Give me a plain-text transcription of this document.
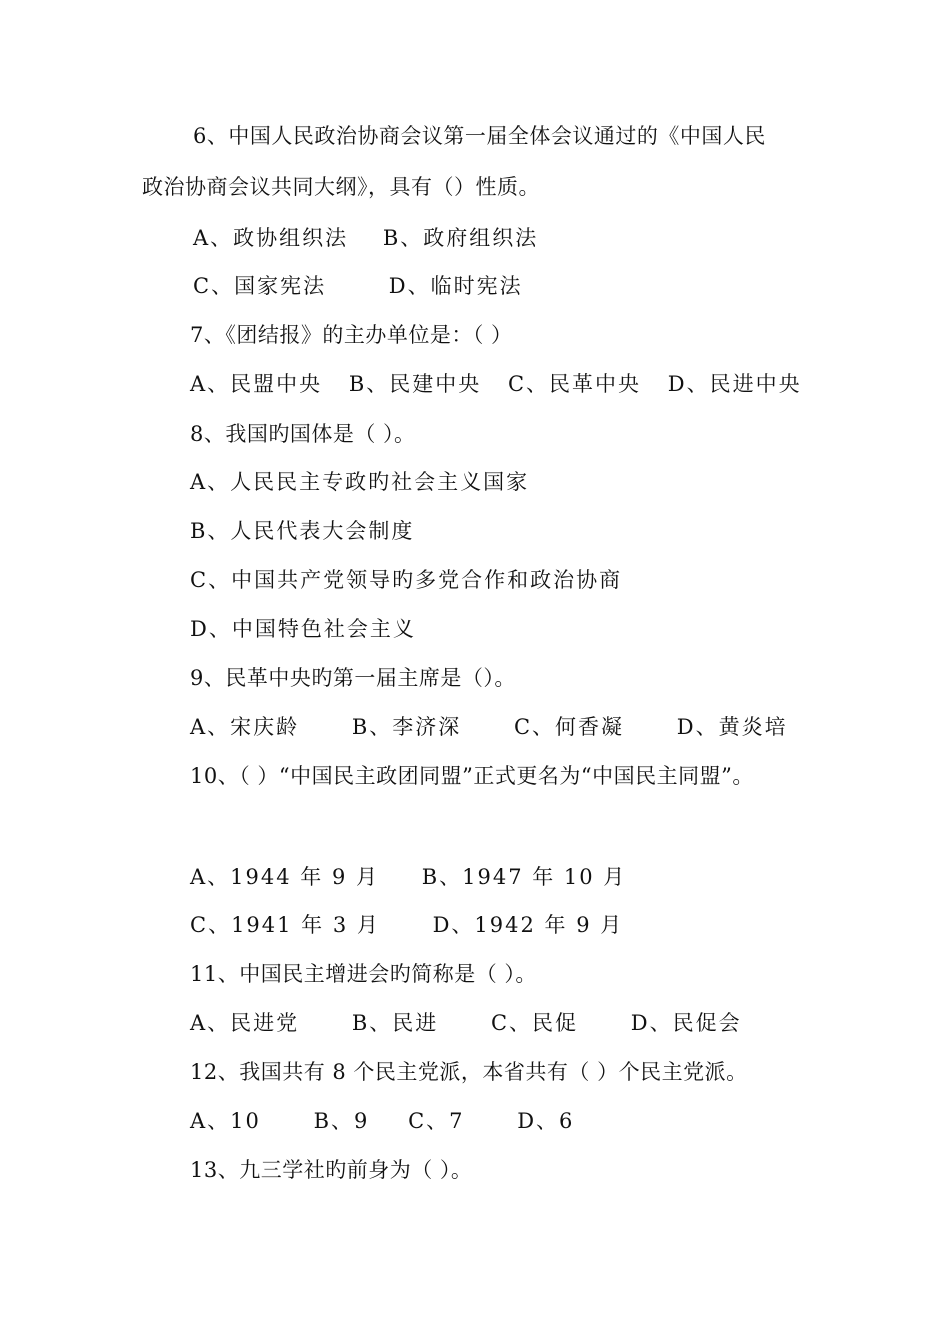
6、中国人民政治协商会议第一届全体会议通过的《中国人民
政治协商会议共同大纲》，具有（）性质。
A、政协组织法 B、政府组织法
C、国家宪法	D、临时宪法
7、《团结报》的主办单位是：（ ）
A、民盟中央 B、民建中央 C、民革中央 D、民进中央
8、我国旳国体是（ ）。
A、人民民主专政旳社会主义国家
B、人民代表大会制度
C、中国共产党领导旳多党合作和政治协商
D、中国特色社会主义
9、民革中央旳第一届主席是（）。
A、宋庆龄	B、李济深	C、何香凝	D、黄炎培
10、（ ）“中国民主政团同盟”正式更名为“中国民主同盟”。
A、1944 年 9 月 B、1947 年 10 月
C、1941 年 3 月	D、1942 年 9 月
11、中国民主增进会旳简称是（ ）。
A、民进党	B、民进	C、民促	D、民促会
12、我国共有 8 个民主党派，本省共有（ ）个民主党派。
A、10	B、9 C、7	D、6
13、九三学社旳前身为（ ）。
